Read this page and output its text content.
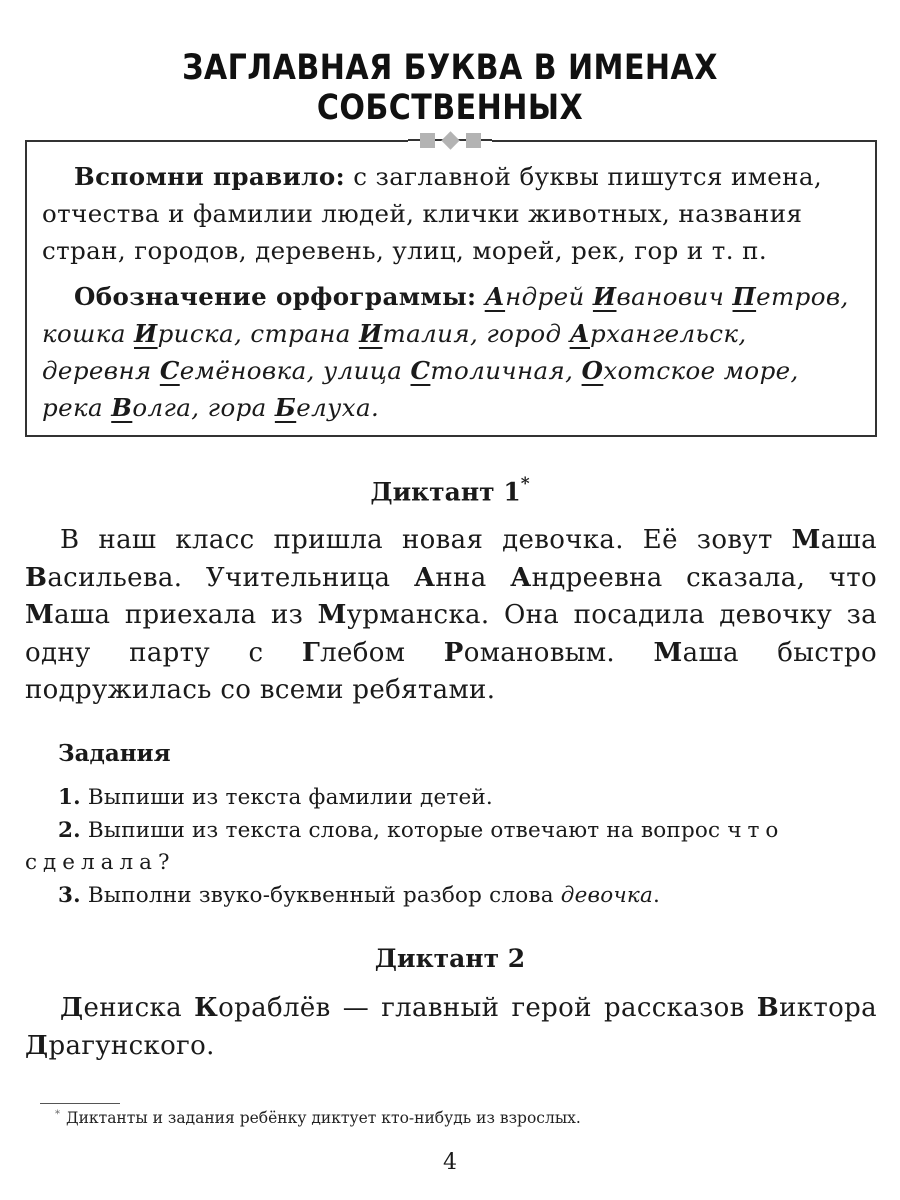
ЗАГЛАВНАЯ БУКВА В ИМЕНАХ СОБСТВЕННЫХ
Вспомни правило: с заглавной буквы пишутся имена, отчества и фамилии людей, клички животных, названия стран, городов, деревень, улиц, морей, рек, гор и т. п.
Обозначение орфограммы: Андрей Иванович Петров, кошка Ириска, страна Италия, город Архангельск, деревня Семёновка, улица Столичная, Охотское море, река Волга, гора Белуха.
Диктант 1*
В наш класс пришла новая девочка. Её зовут Маша Васильева. Учительница Анна Андреевна сказала, что Маша приехала из Мурманска. Она посадила девочку за одну парту с Глебом Романовым. Маша быстро подружилась со всеми ребятами.
Задания
1. Выпиши из текста фамилии детей.
2. Выпиши из текста слова, которые отвечают на вопрос что
сделала?
3. Выполни звуко-буквенный разбор слова девочка.
Диктант 2
Дениска Кораблёв — главный герой рассказов Виктора Драгунского.
* Диктанты и задания ребёнку диктует кто-нибудь из взрослых.
4
